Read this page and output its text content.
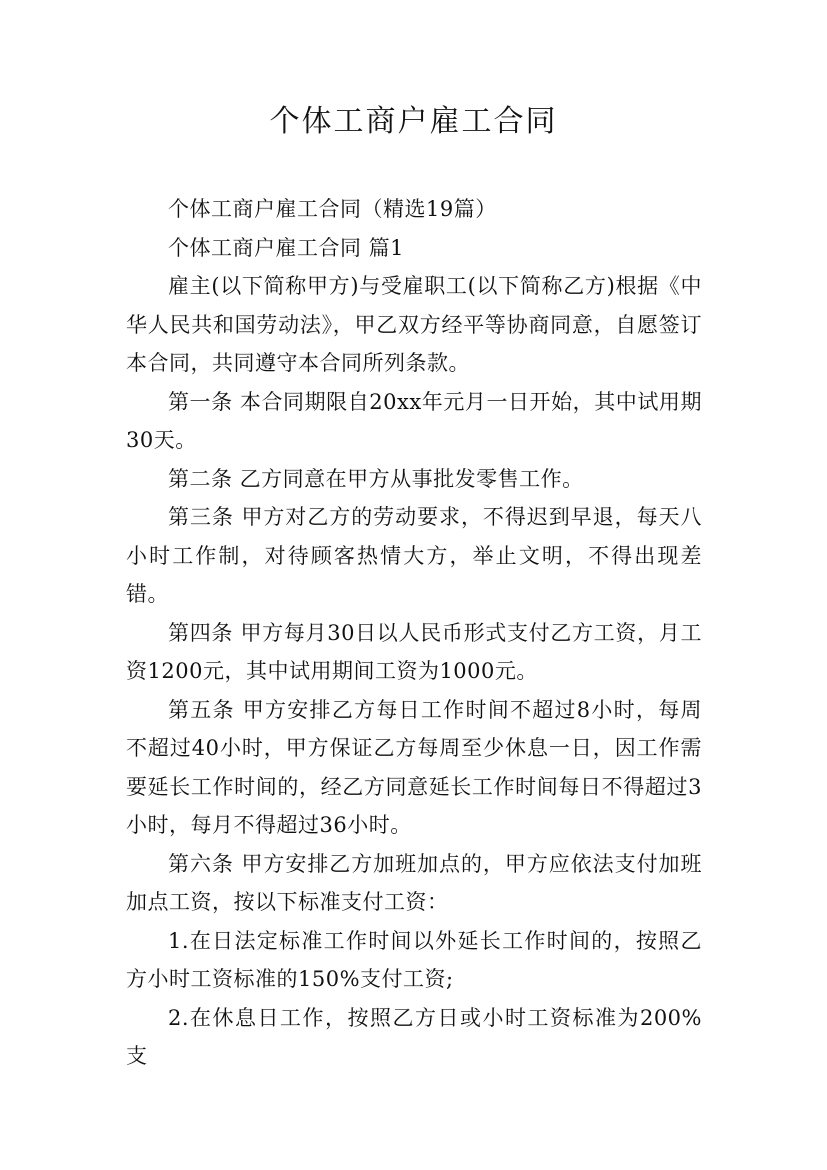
个体工商户雇工合同

个体工商户雇工合同（精选19篇）

个体工商户雇工合同 篇1

雇主(以下简称甲方)与受雇职工(以下简称乙方)根据《中华人民共和国劳动法》，甲乙双方经平等协商同意，自愿签订本合同，共同遵守本合同所列条款。

第一条 本合同期限自20xx年元月一日开始，其中试用期30天。

第二条 乙方同意在甲方从事批发零售工作。

第三条 甲方对乙方的劳动要求，不得迟到早退，每天八小时工作制，对待顾客热情大方，举止文明，不得出现差错。

第四条 甲方每月30日以人民币形式支付乙方工资，月工资1200元，其中试用期间工资为1000元。

第五条 甲方安排乙方每日工作时间不超过8小时，每周不超过40小时，甲方保证乙方每周至少休息一日，因工作需要延长工作时间的，经乙方同意延长工作时间每日不得超过3小时，每月不得超过36小时。

第六条 甲方安排乙方加班加点的，甲方应依法支付加班加点工资，按以下标准支付工资：

1.在日法定标准工作时间以外延长工作时间的，按照乙方小时工资标准的150%支付工资;

2.在休息日工作，按照乙方日或小时工资标准为200%支
